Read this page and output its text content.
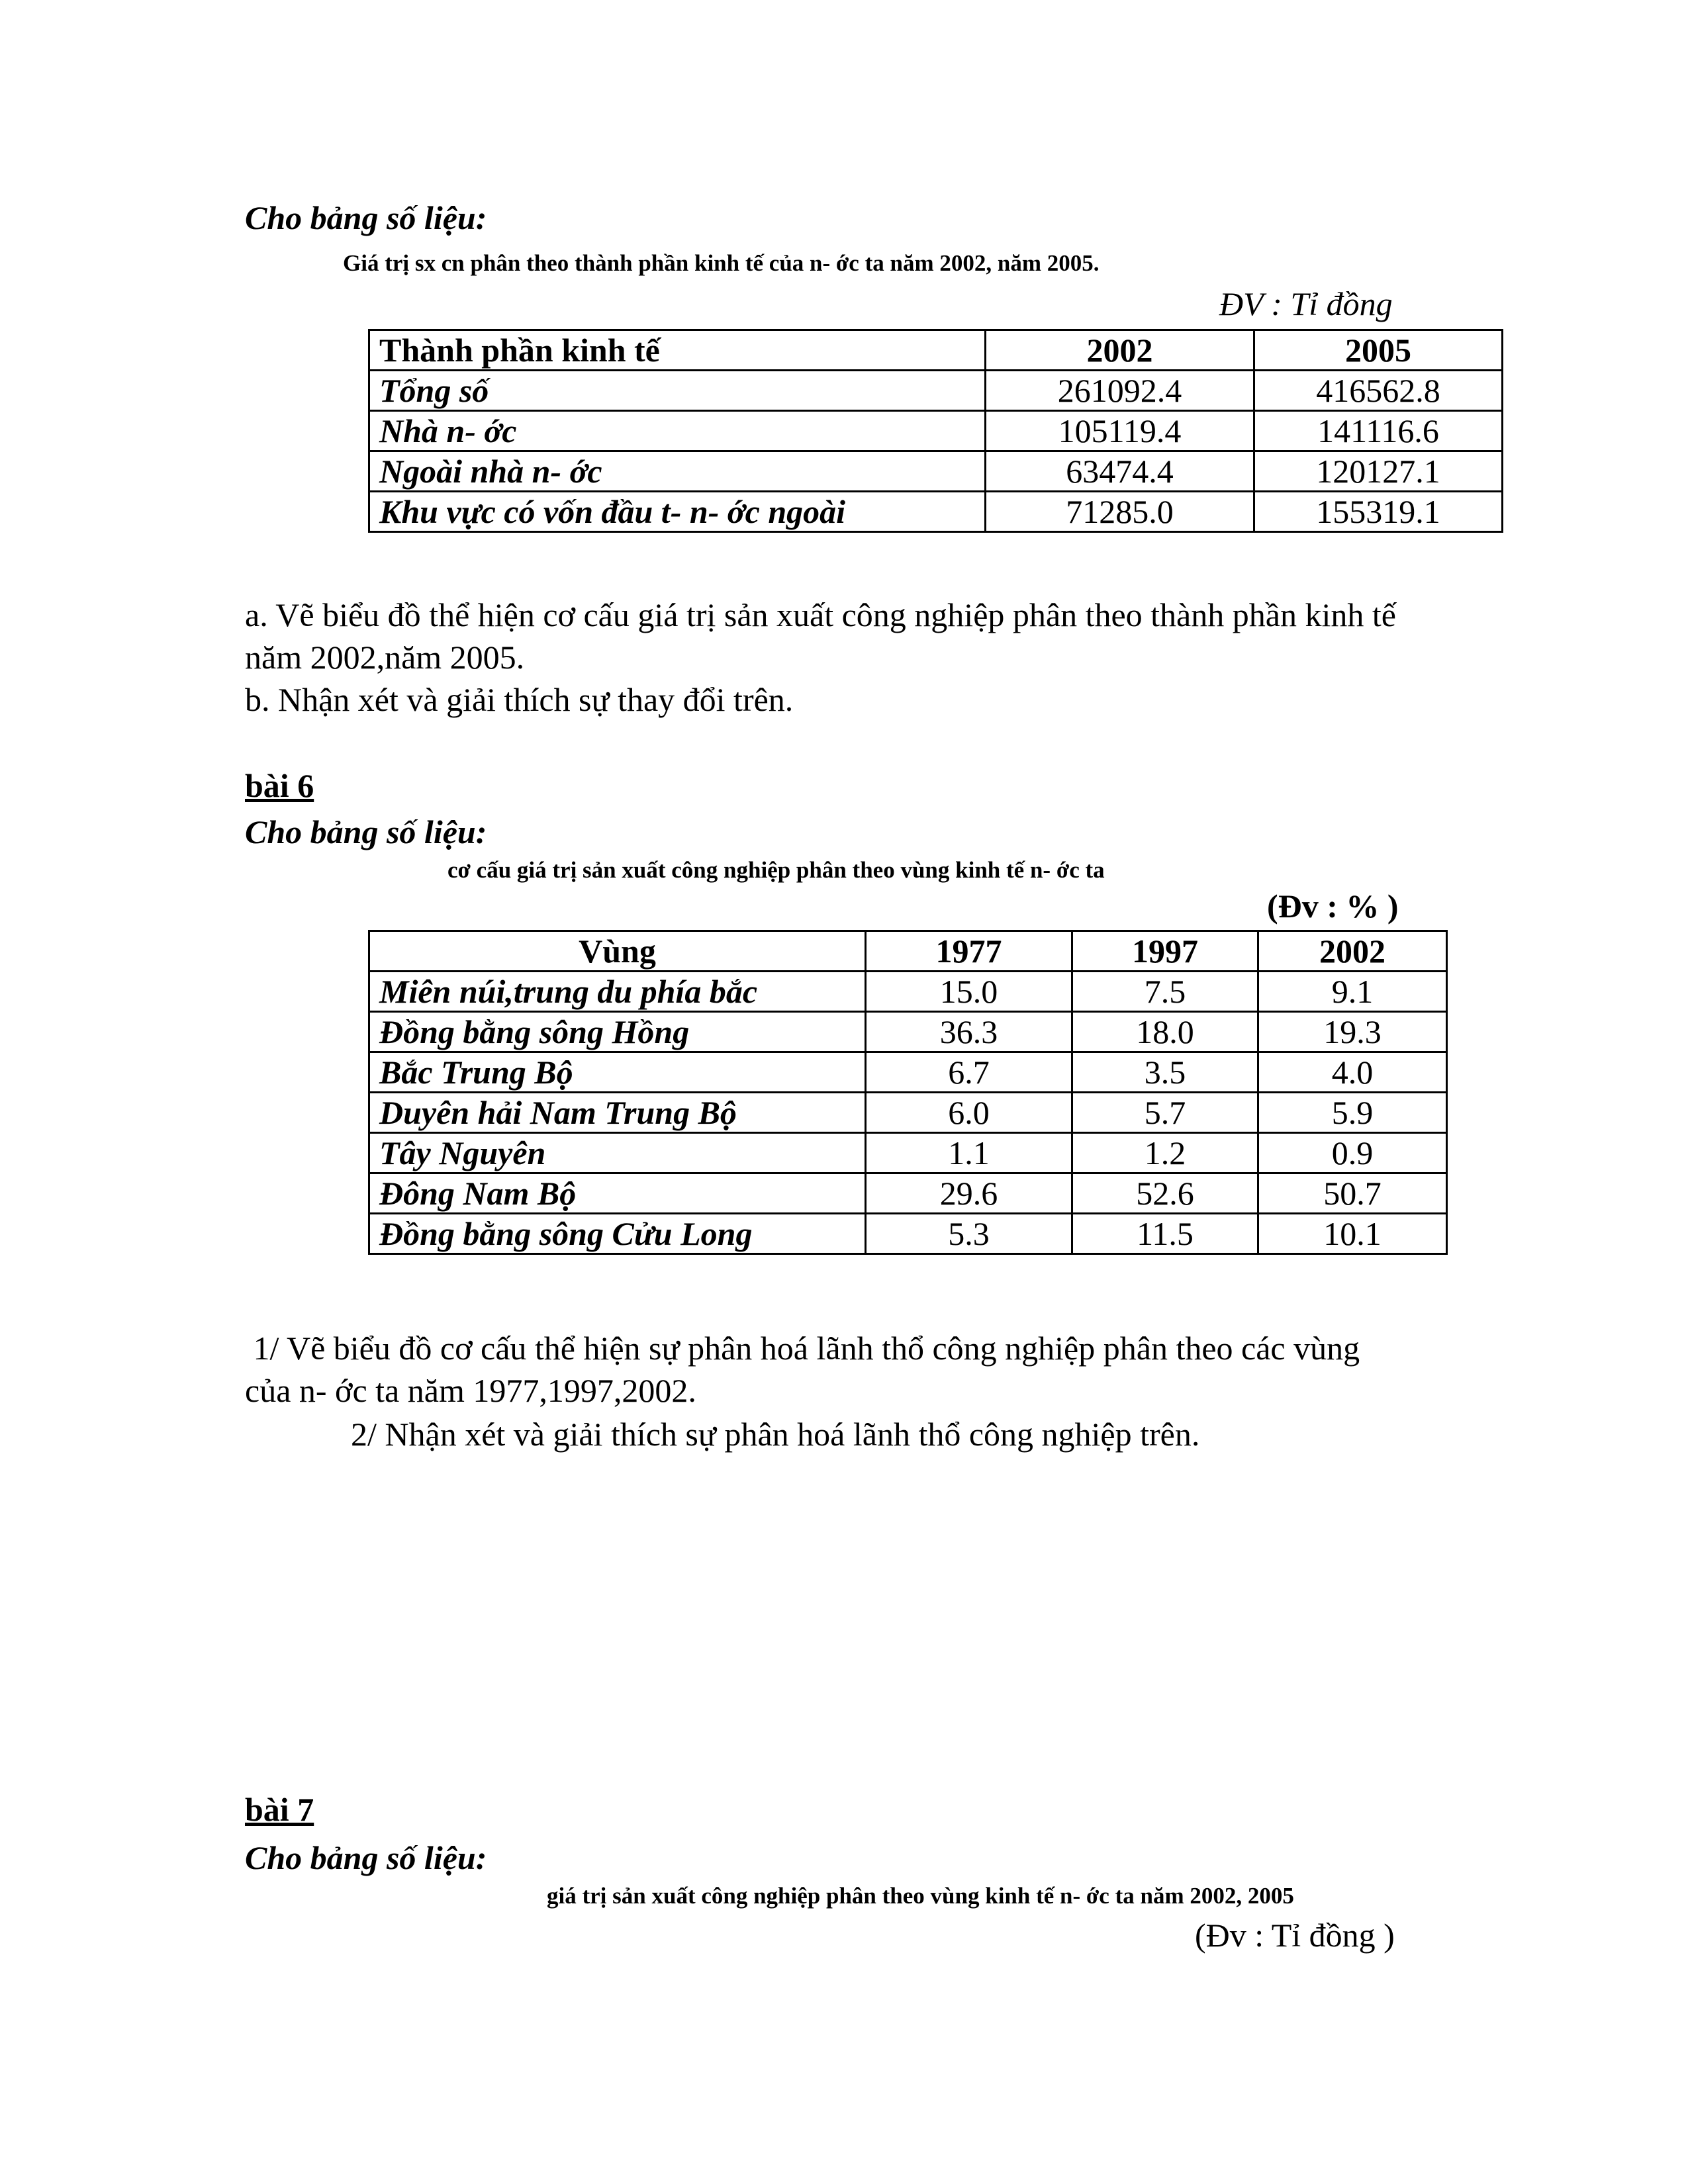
Cho bảng số liệu:
Giá trị sx cn phân theo thành phần kinh tế của n- ớc ta năm 2002, năm 2005.
ĐV : Tỉ đồng
Thành phần kinh tế	2002	2005
Tổng số	261092.4	416562.8
Nhà n- ớc	105119.4	141116.6
Ngoài nhà n- ớc	63474.4	120127.1
Khu vực có vốn đầu t- n- ớc ngoài	71285.0	155319.1
a. Vẽ biểu đồ thể hiện cơ cấu giá trị sản xuất công nghiệp phân theo thành phần kinh tế năm 2002,năm 2005.
b. Nhận xét và giải thích sự thay đổi trên.
bài 6
Cho bảng số liệu:
cơ cấu giá trị sản xuất công nghiệp phân theo vùng kinh tế n- ớc ta
(Đv : % )
Vùng	1977	1997	2002
Miên núi,trung du phía bắc	15.0	7.5	9.1
Đồng bằng sông Hồng	36.3	18.0	19.3
Bắc Trung Bộ	6.7	3.5	4.0
Duyên hải Nam Trung Bộ	6.0	5.7	5.9
Tây Nguyên	1.1	1.2	0.9
Đông Nam Bộ	29.6	52.6	50.7
Đồng bằng sông Cửu Long	5.3	11.5	10.1
1/ Vẽ biểu đồ cơ cấu thể hiện sự phân hoá lãnh thổ công nghiệp phân theo các vùng của n- ớc ta năm 1977,1997,2002.
2/ Nhận xét và giải thích sự phân hoá lãnh thổ công nghiệp trên.
bài 7
Cho bảng số liệu:
giá trị sản xuất công nghiệp phân theo vùng kinh tế n- ớc ta năm 2002, 2005
(Đv : Tỉ đồng )
